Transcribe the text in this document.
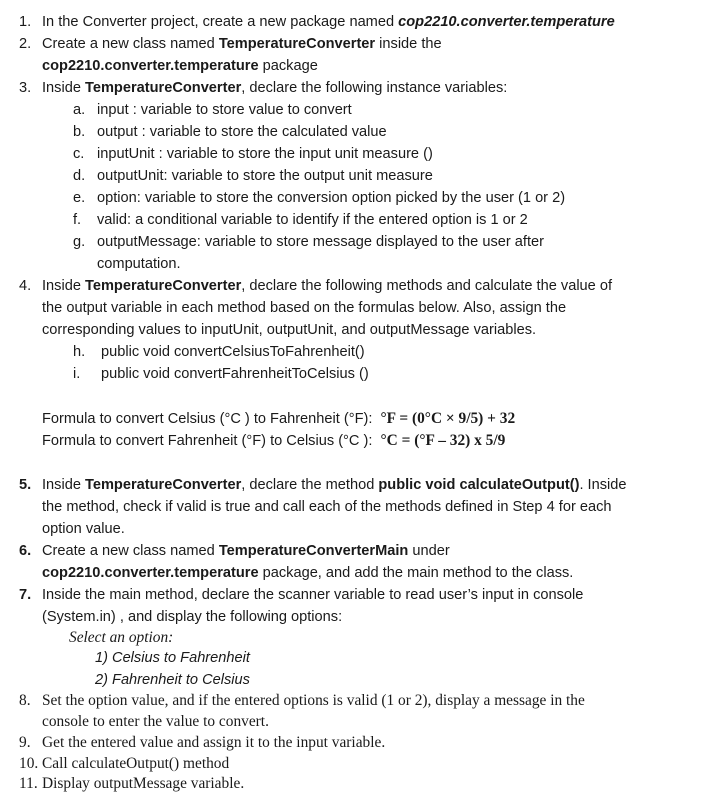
1. In the Converter project, create a new package named cop2210.converter.temperature
2. Create a new class named TemperatureConverter inside the
cop2210.converter.temperature package
3. Inside TemperatureConverter, declare the following instance variables:
a. input : variable to store value to convert
b. output : variable to store the calculated value
c. inputUnit : variable to store the input unit measure ()
d. outputUnit: variable to store the output unit measure
e. option: variable to store the conversion option picked by the user (1 or 2)
f. valid: a conditional variable to identify if the entered option is 1 or 2
g. outputMessage: variable to store message displayed to the user after
computation.
4. Inside TemperatureConverter, declare the following methods and calculate the value of
the output variable in each method based on the formulas below. Also, assign the
corresponding values to inputUnit, outputUnit, and outputMessage variables.
h. public void convertCelsiusToFahrenheit()
i. public void convertFahrenheitToCelsius ()
Formula to convert Celsius (°C ) to Fahrenheit (°F): °F = (0°C × 9/5) + 32
Formula to convert Fahrenheit (°F) to Celsius (°C ): °C = (°F – 32) x 5/9
5. Inside TemperatureConverter, declare the method public void calculateOutput(). Inside
the method, check if valid is true and call each of the methods defined in Step 4 for each
option value.
6. Create a new class named TemperatureConverterMain under
cop2210.converter.temperature package, and add the main method to the class.
7. Inside the main method, declare the scanner variable to read user’s input in console
(System.in) , and display the following options:
Select an option:
1) Celsius to Fahrenheit
2) Fahrenheit to Celsius
8. Set the option value, and if the entered options is valid (1 or 2), display a message in the
console to enter the value to convert.
9. Get the entered value and assign it to the input variable.
10. Call calculateOutput() method
11. Display outputMessage variable.
